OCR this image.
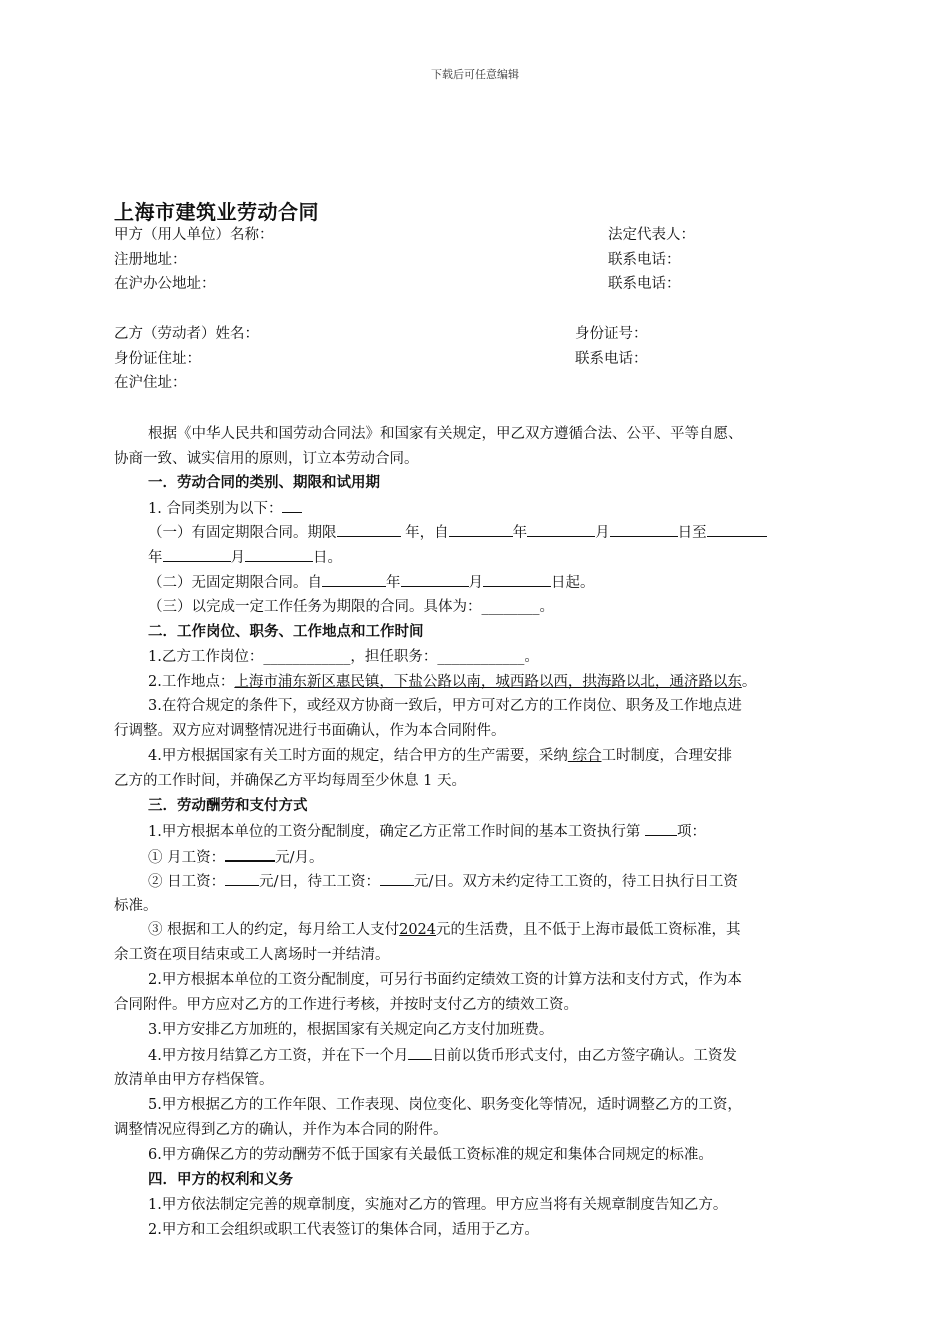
下载后可任意编辑
上海市建筑业劳动合同
甲方（用人单位）名称：	法定代表人：
注册地址：	联系电话：
在沪办公地址：	联系电话：
乙方（劳动者）姓名：	身份证号：
身份证住址：	联系电话：
在沪住址：
根据《中华人民共和国劳动合同法》和国家有关规定，甲乙双方遵循合法、公平、平等自愿、
协商一致、诚实信用的原则，订立本劳动合同。
一．劳动合同的类别、期限和试用期
1. 合同类别为以下：
（一）有固定期限合同。期限	年，自	年	月	日至
年	月	日。
（二）无固定期限合同。自	年	月	日起。
（三）以完成一定工作任务为期限的合同。具体为：________。
二．工作岗位、职务、工作地点和工作时间
1.乙方工作岗位：____________，担任职务：____________。
2.工作地点：上海市浦东新区惠民镇，下盐公路以南，城西路以西，拱海路以北，通济路以东。
3.在符合规定的条件下，或经双方协商一致后，甲方可对乙方的工作岗位、职务及工作地点进
行调整。双方应对调整情况进行书面确认，作为本合同附件。
4.甲方根据国家有关工时方面的规定，结合甲方的生产需要，采纳 综合工时制度，合理安排
乙方的工作时间，并确保乙方平均每周至少休息 1 天。
三．劳动酬劳和支付方式
1.甲方根据本单位的工资分配制度，确定乙方正常工作时间的基本工资执行第 项：
① 月工资：	元/月。
② 日工资： 元/日，待工工资： 元/日。双方未约定待工工资的，待工日执行日工资
标准。
③ 根据和工人的约定，每月给工人支付2024元的生活费，且不低于上海市最低工资标准，其
余工资在项目结束或工人离场时一并结清。
2.甲方根据本单位的工资分配制度，可另行书面约定绩效工资的计算方法和支付方式，作为本
合同附件。甲方应对乙方的工作进行考核，并按时支付乙方的绩效工资。
3.甲方安排乙方加班的，根据国家有关规定向乙方支付加班费。
4.甲方按月结算乙方工资，并在下一个月 日前以货币形式支付，由乙方签字确认。工资发
放清单由甲方存档保管。
5.甲方根据乙方的工作年限、工作表现、岗位变化、职务变化等情况，适时调整乙方的工资，
调整情况应得到乙方的确认，并作为本合同的附件。
6.甲方确保乙方的劳动酬劳不低于国家有关最低工资标准的规定和集体合同规定的标准。
四．甲方的权利和义务
1.甲方依法制定完善的规章制度，实施对乙方的管理。甲方应当将有关规章制度告知乙方。
2.甲方和工会组织或职工代表签订的集体合同，适用于乙方。
